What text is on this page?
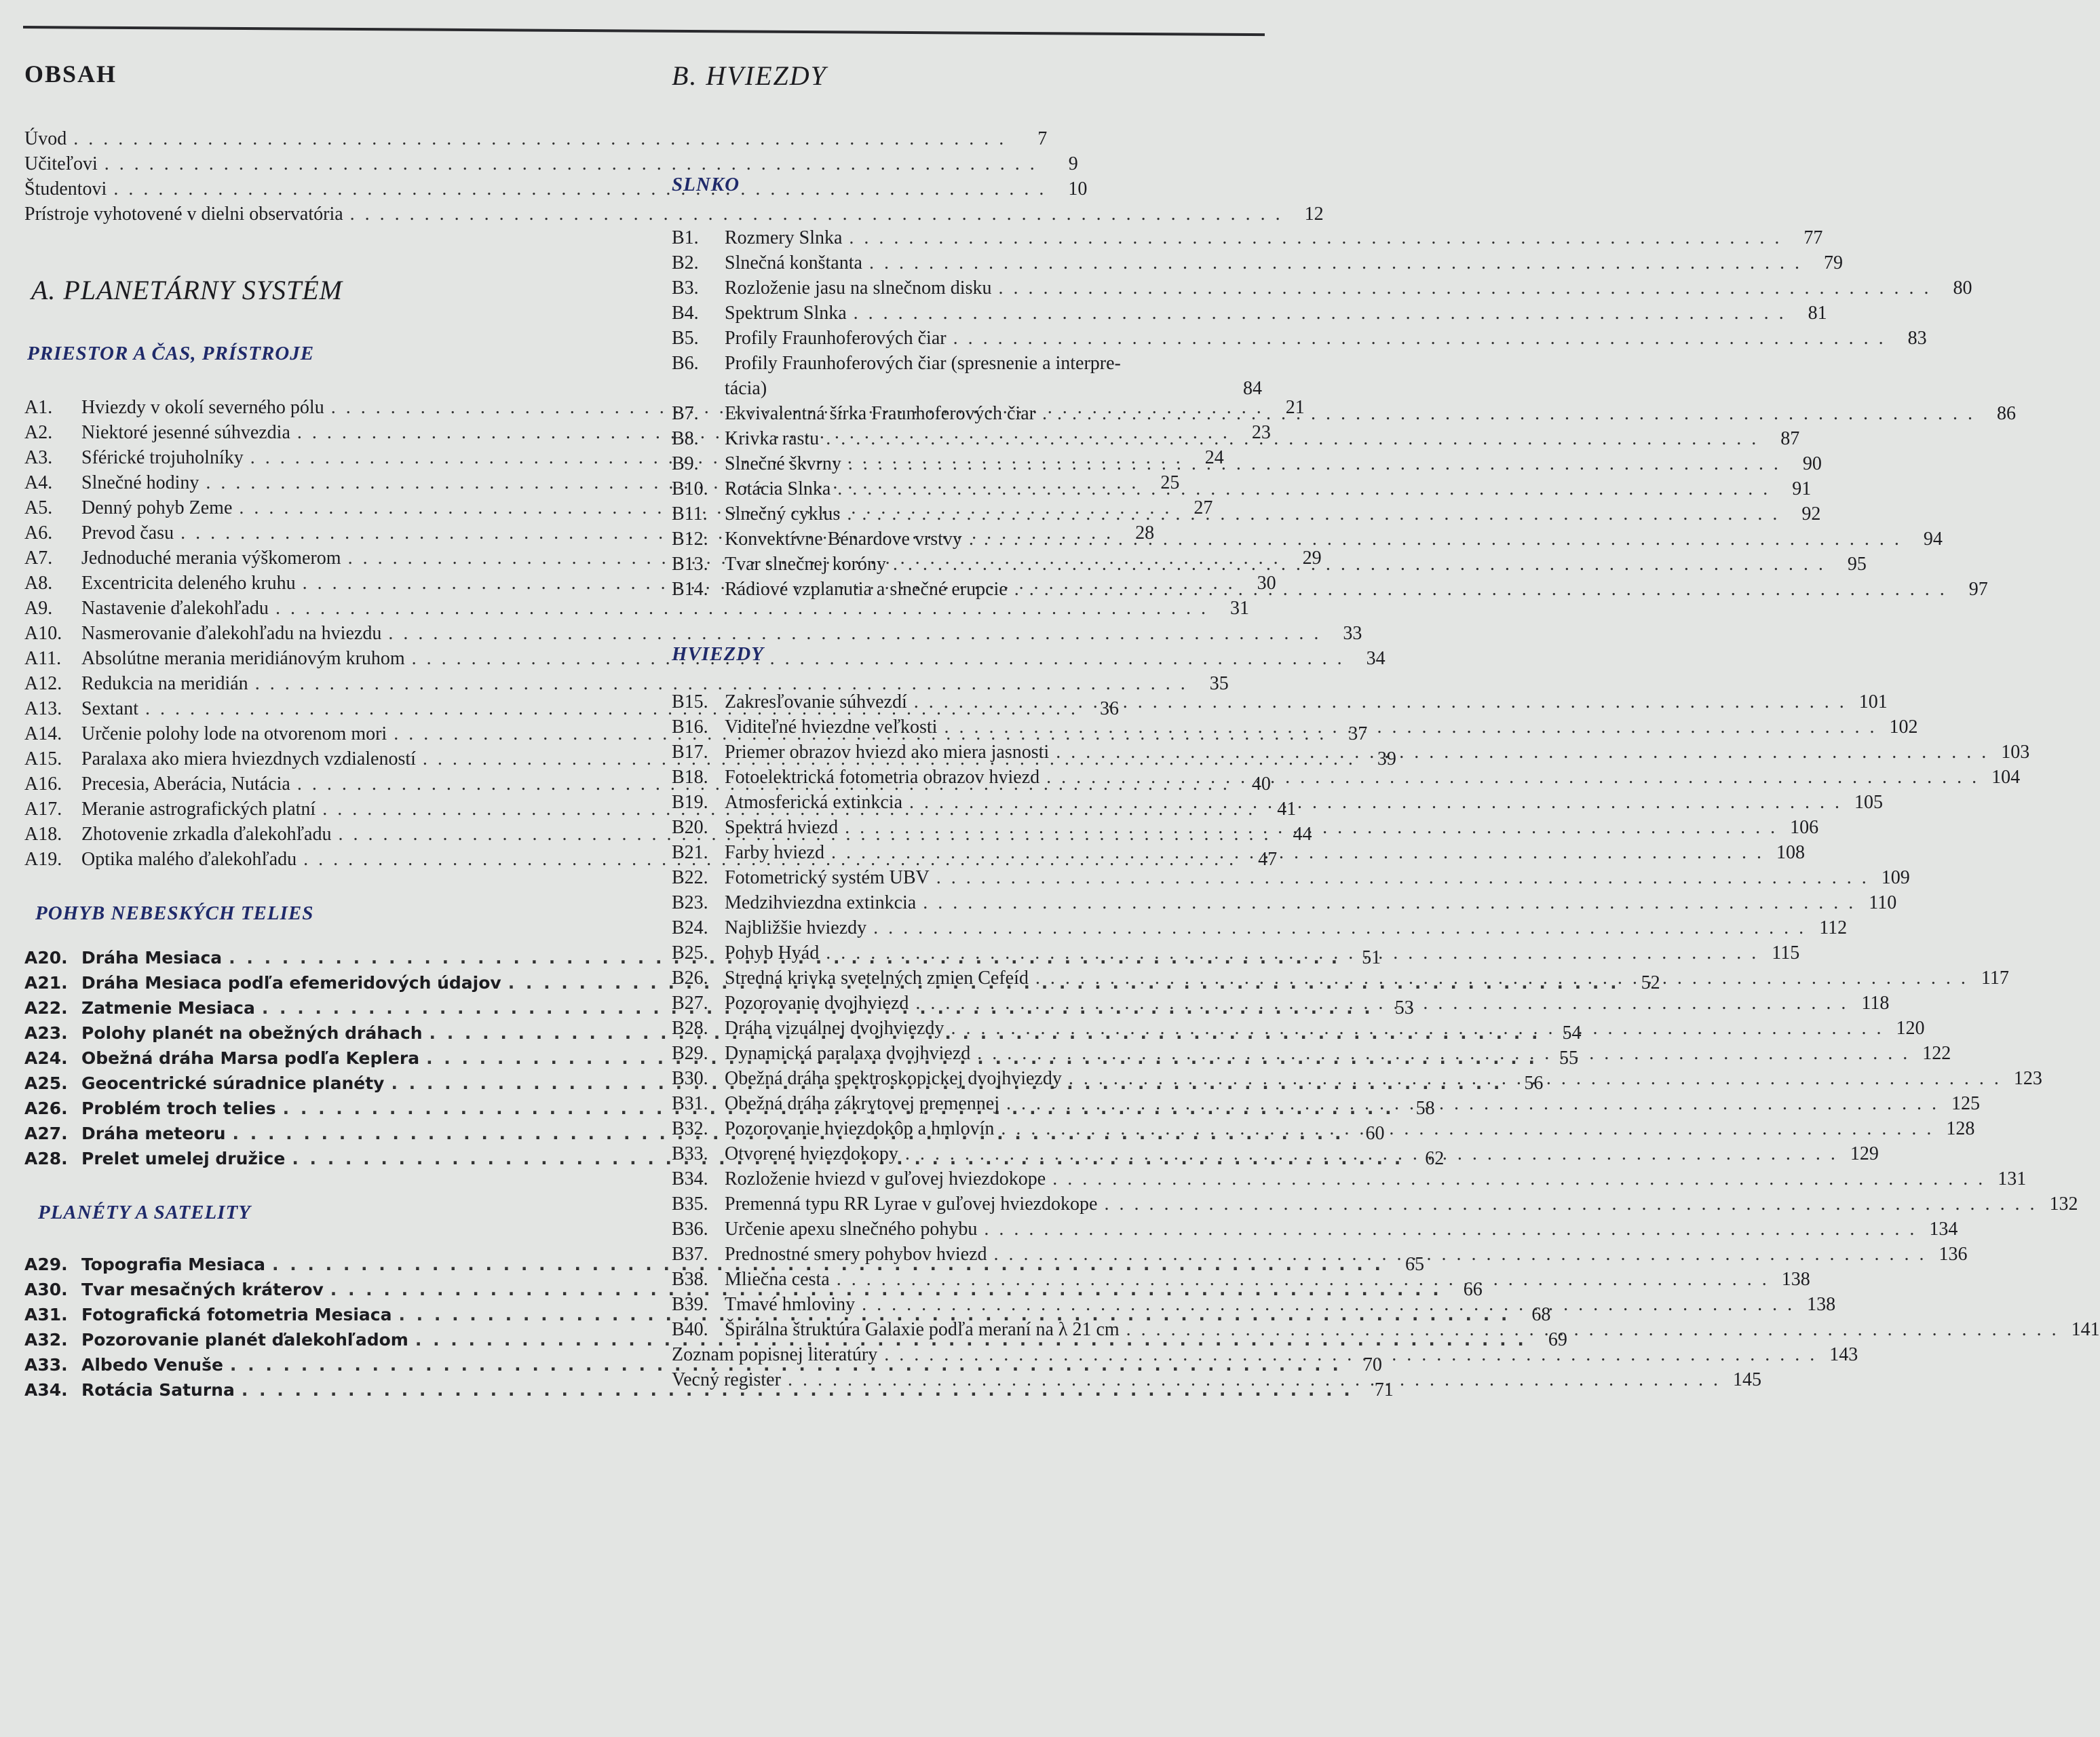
OBSAH
Úvod . . .	7
Učiteľovi . . .	9
Študentovi . . .	10
Prístroje vyhotovené v dielni observatória . . .	12
A. PLANETÁRNY SYSTÉM
PRIESTOR A ČAS, PRÍSTROJE
A1.	Hviezdy v okolí severného pólu . . .	21
A2.	Niektoré jesenné súhvezdia . . .	23
A3.	Sférické trojuholníky . . .	24
A4.	Slnečné hodiny . . .	25
A5.	Denný pohyb Zeme . . .	27
A6.	Prevod času . . .	28
A7.	Jednoduché merania výškomerom . . .	29
A8.	Excentricita deleného kruhu . . .	30
A9.	Nastavenie ďalekohľadu . . .	31
A10.	Nasmerovanie ďalekohľadu na hviezdu . . .	33
A11.	Absolútne merania meridiánovým kruhom . . .	34
A12.	Redukcia na meridián . . .	35
A13.	Sextant . . .	36
A14.	Určenie polohy lode na otvorenom mori . . .	37
A15.	Paralaxa ako miera hviezdnych vzdialeností . . .	39
A16.	Precesia, Aberácia, Nutácia . . .	40
A17.	Meranie astrografických platní . . .	41
A18.	Zhotovenie zrkadla ďalekohľadu . . .	44
A19.	Optika malého ďalekohľadu . . .	47
POHYB NEBESKÝCH TELIES
A20. Dráha Mesiaca . . .	51
A21. Dráha Mesiaca podľa efemeridových údajov . . .	52
A22. Zatmenie Mesiaca . . .	53
A23. Polohy planét na obežných dráhach . . .	54
A24. Obežná dráha Marsa podľa Keplera . . .	55
A25. Geocentrické súradnice planéty . . .	56
A26. Problém troch telies . . .	58
A27. Dráha meteoru . . .	60
A28. Prelet umelej družice . . .	62
PLANÉTY A SATELITY
A29. Topografia Mesiaca . . .	65
A30. Tvar mesačných kráterov . . .	66
A31. Fotografická fotometria Mesiaca . . .	68
A32. Pozorovanie planét ďalekohľadom . . .	69
A33. Albedo Venuše . . .	70
A34. Rotácia Saturna . . .	71
B. HVIEZDY
SLNKO
B1.	Rozmery Slnka . . .	77
B2.	Slnečná konštanta . . .	79
B3.	Rozloženie jasu na slnečnom disku . . .	80
B4.	Spektrum Slnka . . .	81
B5.	Profily Fraunhoferových čiar . . .	83
B6.	Profily Fraunhoferových čiar (spresnenie a interpre-
tácia)	84
B7.	Ekvivalentná šírka Fraunhoferových čiar . . .	86
B8.	Krivka rastu . . .	87
B9.	Slnečné škvrny . . .	90
B10. Rotácia Slnka . . .	91
B11. Slnečný cyklus . . .	92
B12. Konvektívne Bénardove vrstvy . . .	94
B13. Tvar slnečnej koróny . . .	95
B14. Rádiové vzplanutia a slnečné erupcie . . .	97
HVIEZDY
B15. Zakresľovanie súhvezdí . . .	101
B16. Viditeľné hviezdne veľkosti . . .	102
B17. Priemer obrazov hviezd ako miera jasnosti . . .	103
B18. Fotoelektrická fotometria obrazov hviezd . . .	104
B19. Atmosferická extinkcia . . .	105
B20. Spektrá hviezd . . .	106
B21. Farby hviezd . . .	108
B22. Fotometrický systém UBV . . .	109
B23. Medzihviezdna extinkcia . . .	110
B24. Najbližšie hviezdy . . .	112
B25. Pohyb Hyád . . .	115
B26. Stredná krivka svetelných zmien Cefeíd . . .	117
B27. Pozorovanie dvojhviezd . . .	118
B28. Dráha vizuálnej dvojhviezdy . . .	120
B29. Dynamická paralaxa dvojhviezd . . .	122
B30. Obežná dráha spektroskopickej dvojhviezdy . . .	123
B31. Obežná dráha zákrytovej premennej . . .	125
B32. Pozorovanie hviezdokôp a hmlovín . . .	128
B33. Otvorené hviezdokopy . . .	129
B34. Rozloženie hviezd v guľovej hviezdokope . . .	131
B35. Premenná typu RR Lyrae v guľovej hviezdokope . . .	132
B36. Určenie apexu slnečného pohybu . . .	134
B37. Prednostné smery pohybov hviezd . . .	136
B38. Mliečna cesta . . .	138
B39. Tmavé hmloviny . . .	138
B40. Špirálna štruktúra Galaxie podľa meraní na λ 21 cm . . .	141
Zoznam popisnej literatúry . . .	143
Vecný register . . .	145
